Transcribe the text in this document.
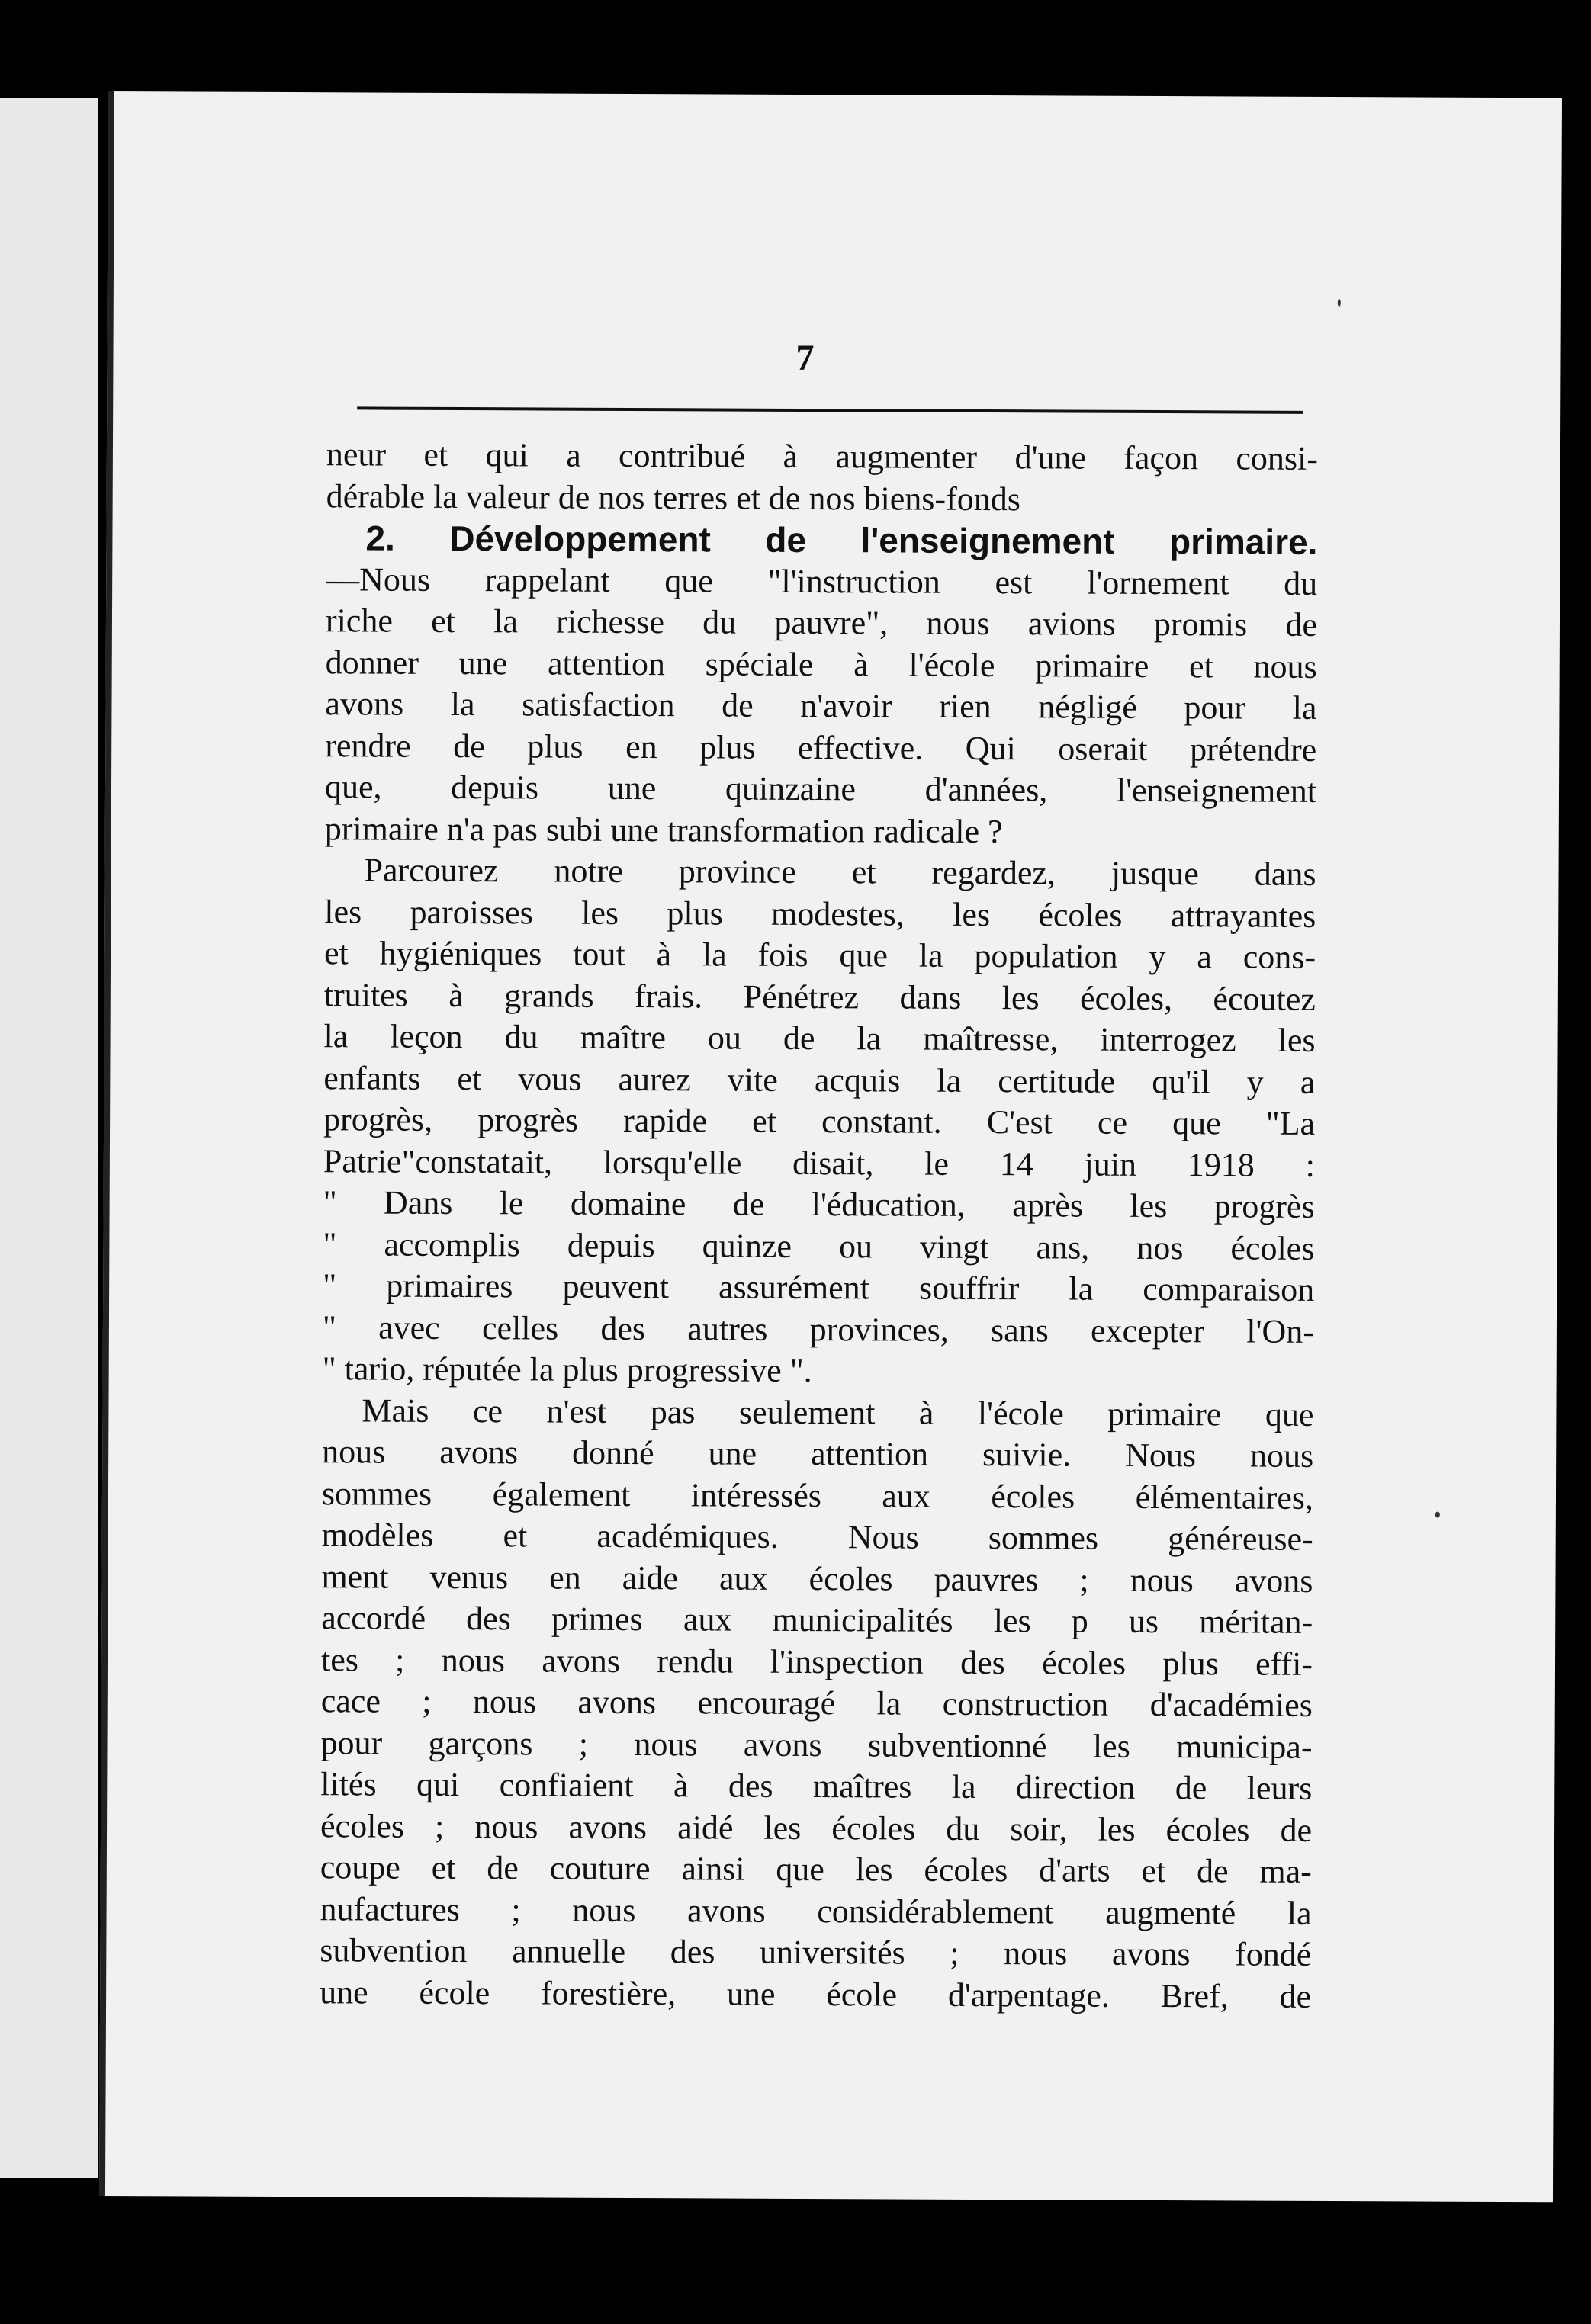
7
neur et qui a contribué à augmenter d'une façon consi-
dérable la valeur de nos terres et de nos biens-fonds
2. Développement de l'enseignement primaire.
—Nous rappelant que "l'instruction est l'ornement du
riche et la richesse du pauvre", nous avions promis de
donner une attention spéciale à l'école primaire et nous
avons la satisfaction de n'avoir rien négligé pour la
rendre de plus en plus effective. Qui oserait prétendre
que, depuis une quinzaine d'années, l'enseignement
primaire n'a pas subi une transformation radicale ?
Parcourez notre province et regardez, jusque dans
les paroisses les plus modestes, les écoles attrayantes
et hygiéniques tout à la fois que la population y a cons-
truites à grands frais. Pénétrez dans les écoles, écoutez
la leçon du maître ou de la maîtresse, interrogez les
enfants et vous aurez vite acquis la certitude qu'il y a
progrès, progrès rapide et constant. C'est ce que "La
Patrie"constatait, lorsqu'elle disait, le 14 juin 1918 :
" Dans le domaine de l'éducation, après les progrès
" accomplis depuis quinze ou vingt ans, nos écoles
" primaires peuvent assurément souffrir la comparaison
" avec celles des autres provinces, sans excepter l'On-
" tario, réputée la plus progressive ".
Mais ce n'est pas seulement à l'école primaire que
nous avons donné une attention suivie. Nous nous
sommes également intéressés aux écoles élémentaires,
modèles et académiques. Nous sommes généreuse-
ment venus en aide aux écoles pauvres ; nous avons
accordé des primes aux municipalités les p us méritan-
tes ; nous avons rendu l'inspection des écoles plus effi-
cace ; nous avons encouragé la construction d'académies
pour garçons ; nous avons subventionné les municipa-
lités qui confiaient à des maîtres la direction de leurs
écoles ; nous avons aidé les écoles du soir, les écoles de
coupe et de couture ainsi que les écoles d'arts et de ma-
nufactures ; nous avons considérablement augmenté la
subvention annuelle des universités ; nous avons fondé
une école forestière, une école d'arpentage. Bref, de
